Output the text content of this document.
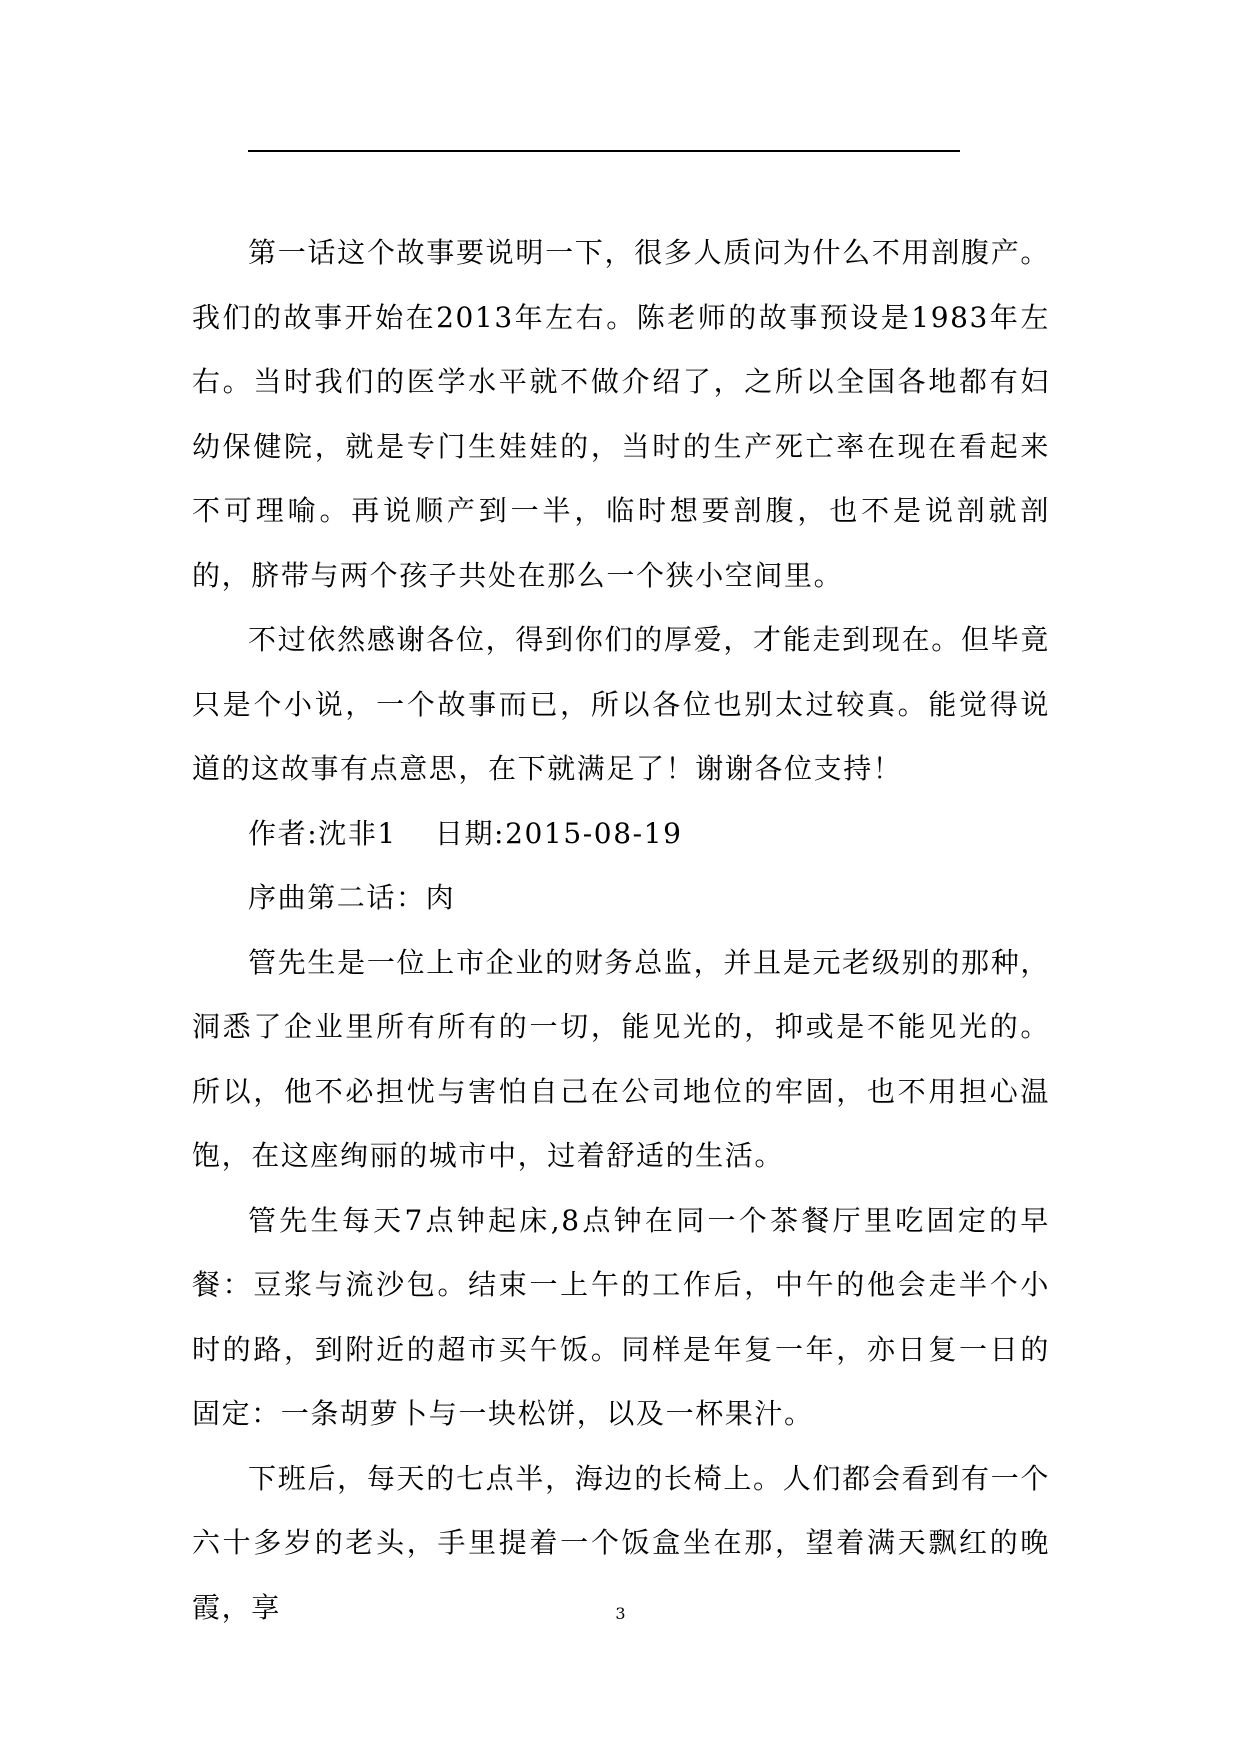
第一话这个故事要说明一下，很多人质问为什么不用剖腹产。我们的故事开始在2013年左右。陈老师的故事预设是1983年左右。当时我们的医学水平就不做介绍了，之所以全国各地都有妇幼保健院，就是专门生娃娃的，当时的生产死亡率在现在看起来不可理喻。再说顺产到一半，临时想要剖腹，也不是说剖就剖的，脐带与两个孩子共处在那么一个狭小空间里。

不过依然感谢各位，得到你们的厚爱，才能走到现在。但毕竟只是个小说，一个故事而已，所以各位也别太过较真。能觉得说道的这故事有点意思，在下就满足了！谢谢各位支持！

作者:沈非1 日期:2015-08-19

序曲第二话：肉

管先生是一位上市企业的财务总监，并且是元老级别的那种，洞悉了企业里所有所有的一切，能见光的，抑或是不能见光的。所以，他不必担忧与害怕自己在公司地位的牢固，也不用担心温饱，在这座绚丽的城市中，过着舒适的生活。

管先生每天7点钟起床,8点钟在同一个茶餐厅里吃固定的早餐：豆浆与流沙包。结束一上午的工作后，中午的他会走半个小时的路，到附近的超市买午饭。同样是年复一年，亦日复一日的固定：一条胡萝卜与一块松饼，以及一杯果汁。

下班后，每天的七点半，海边的长椅上。人们都会看到有一个六十多岁的老头，手里提着一个饭盒坐在那，望着满天飘红的晚霞，享	3
